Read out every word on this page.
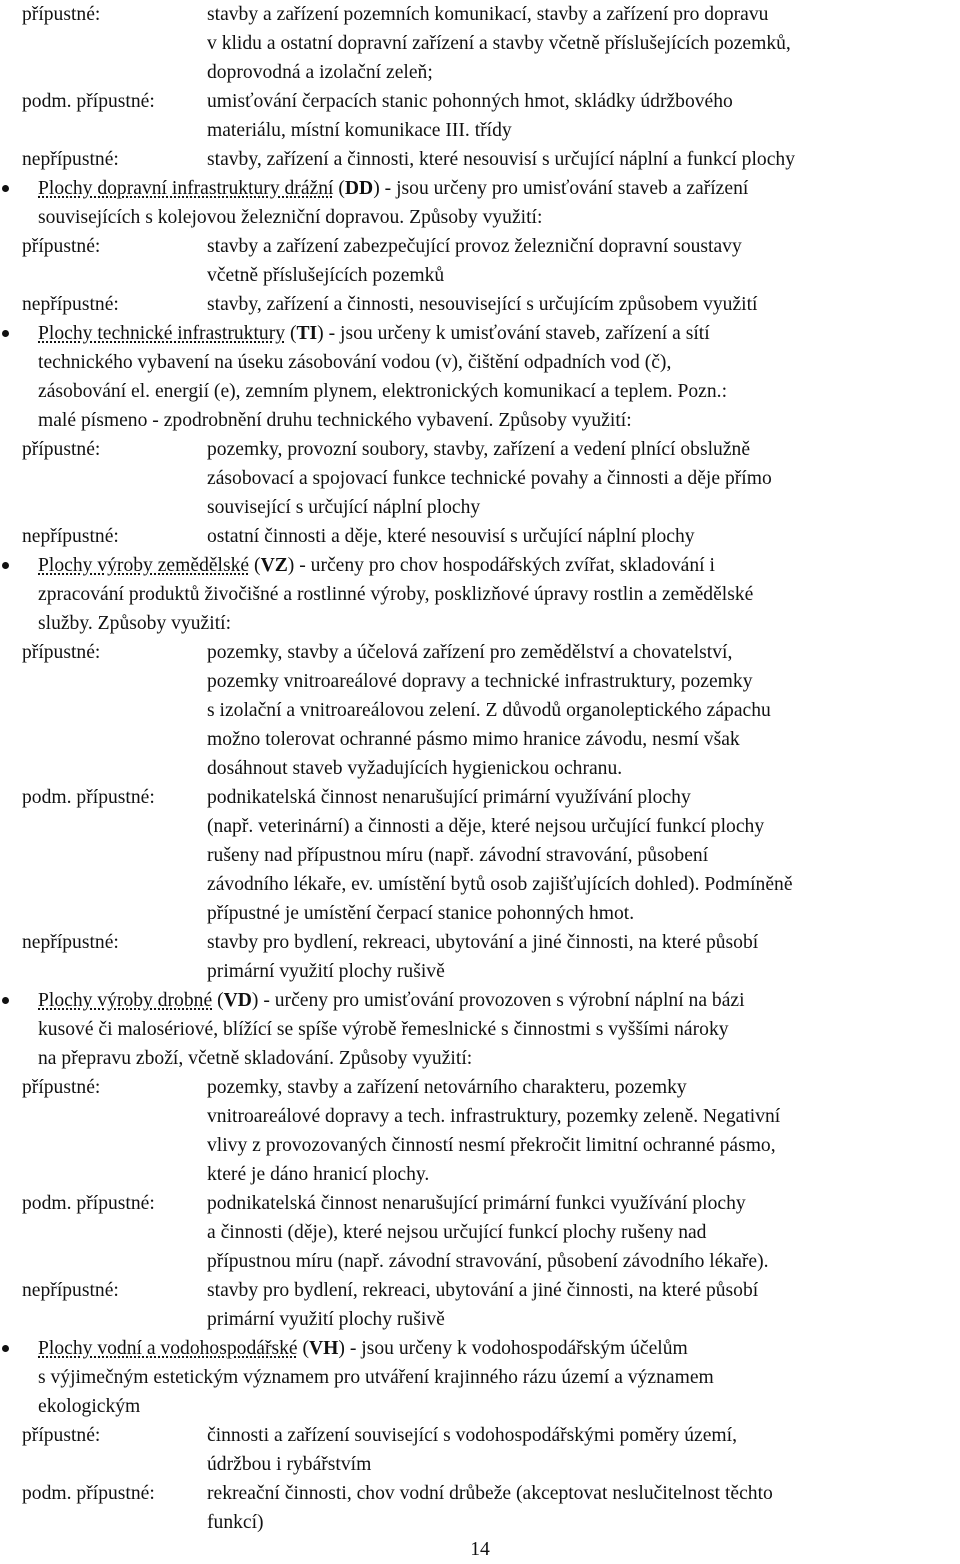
přípustné:	stavby a zařízení pozemních komunikací, stavby a zařízení pro dopravu
v klidu a ostatní dopravní zařízení a stavby včetně příslušejících pozemků,
doprovodná a izolační zeleň;
podm. přípustné:	umisťování čerpacích stanic pohonných hmot, skládky údržbového
materiálu, místní komunikace III. třídy
nepřípustné:	stavby, zařízení a činnosti, které nesouvisí s určující náplní a funkcí plochy
Plochy dopravní infrastruktury drážní (DD) - jsou určeny pro umisťování staveb a zařízení
souvisejících s kolejovou železniční dopravou. Způsoby využití:
přípustné:	stavby a zařízení zabezpečující provoz železniční dopravní soustavy
včetně příslušejících pozemků
nepřípustné:	stavby, zařízení a činnosti, nesouvisející s určujícím způsobem využití
Plochy technické infrastruktury (TI) - jsou určeny k umisťování staveb, zařízení a sítí
technického vybavení na úseku zásobování vodou (v), čištění odpadních vod (č),
zásobování el. energií (e), zemním plynem, elektronických komunikací a teplem. Pozn.:
malé písmeno - zpodrobnění druhu technického vybavení. Způsoby využití:
přípustné:	pozemky, provozní soubory, stavby, zařízení a vedení plnící obslužně
zásobovací a spojovací funkce technické povahy a činnosti a děje přímo
související s určující náplní plochy
nepřípustné:	ostatní činnosti a děje, které nesouvisí s určující náplní plochy
Plochy výroby zemědělské (VZ) - určeny pro chov hospodářských zvířat, skladování i
zpracování produktů živočišné a rostlinné výroby, posklizňové úpravy rostlin a zemědělské
služby. Způsoby využití:
přípustné:	pozemky, stavby a účelová zařízení pro zemědělství a chovatelství,
pozemky vnitroareálové dopravy a technické infrastruktury, pozemky
s izolační a vnitroareálovou zelení. Z důvodů organoleptického zápachu
možno tolerovat ochranné pásmo mimo hranice závodu, nesmí však
dosáhnout staveb vyžadujících hygienickou ochranu.
podm. přípustné:	podnikatelská činnost nenarušující primární využívání plochy
(např. veterinární) a činnosti a děje, které nejsou určující funkcí plochy
rušeny nad přípustnou míru (např. závodní stravování, působení
závodního lékaře, ev. umístění bytů osob zajišťujících dohled). Podmíněně
přípustné je umístění čerpací stanice pohonných hmot.
nepřípustné:	stavby pro bydlení, rekreaci, ubytování a jiné činnosti, na které působí
primární využití plochy rušivě
Plochy výroby drobné (VD) - určeny pro umisťování provozoven s výrobní náplní na bázi
kusové či malosériové, blížící se spíše výrobě řemeslnické s činnostmi s vyššími nároky
na přepravu zboží, včetně skladování. Způsoby využití:
přípustné:	pozemky, stavby a zařízení netovárního charakteru, pozemky
vnitroareálové dopravy a tech. infrastruktury, pozemky zeleně. Negativní
vlivy z provozovaných činností nesmí překročit limitní ochranné pásmo,
které je dáno hranicí plochy.
podm. přípustné:	podnikatelská činnost nenarušující primární funkci využívání plochy
a činnosti (děje), které nejsou určující funkcí plochy rušeny nad
přípustnou míru (např. závodní stravování, působení závodního lékaře).
nepřípustné:	stavby pro bydlení, rekreaci, ubytování a jiné činnosti, na které působí
primární využití plochy rušivě
Plochy vodní a vodohospodářské (VH) - jsou určeny k vodohospodářským účelům
s výjimečným estetickým významem pro utváření krajinného rázu území a významem
ekologickým
přípustné:	činnosti a zařízení související s vodohospodářskými poměry území,
údržbou i rybářstvím
podm. přípustné:	rekreační činnosti, chov vodní drůbeže (akceptovat neslučitelnost těchto
funkcí)
14
